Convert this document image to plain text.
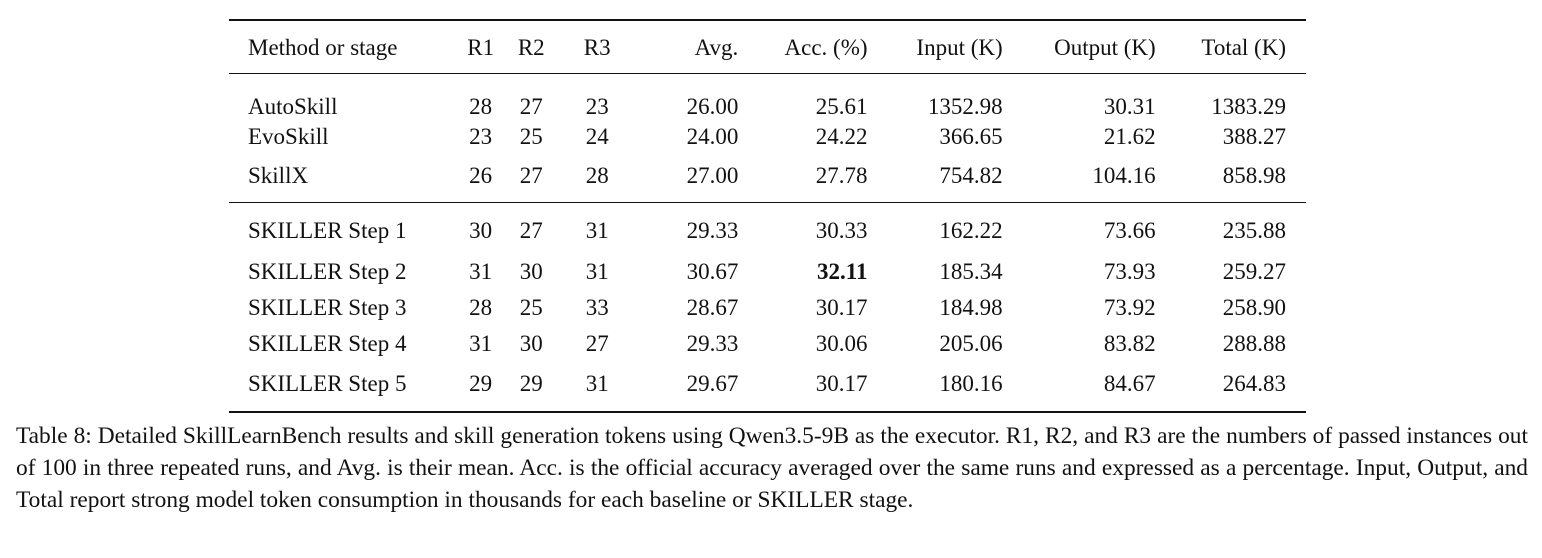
Method or stage	R1	R2	R3	Avg.	Acc. (%)	Input (K)	Output (K)	Total (K)
AutoSkill	28	27	23	26.00	25.61	1352.98	30.31	1383.29
EvoSkill	23	25	24	24.00	24.22	366.65	21.62	388.27
SkillX	26	27	28	27.00	27.78	754.82	104.16	858.98
SKILLER Step 1	30	27	31	29.33	30.33	162.22	73.66	235.88
SKILLER Step 2	31	30	31	30.67	32.11	185.34	73.93	259.27
SKILLER Step 3	28	25	33	28.67	30.17	184.98	73.92	258.90
SKILLER Step 4	31	30	27	29.33	30.06	205.06	83.82	288.88
SKILLER Step 5	29	29	31	29.67	30.17	180.16	84.67	264.83

Table 8: Detailed SkillLearnBench results and skill generation tokens using Qwen3.5-9B as the executor. R1, R2, and R3 are the numbers of passed instances out of 100 in three repeated runs, and Avg. is their mean. Acc. is the official accuracy averaged over the same runs and expressed as a percentage. Input, Output, and Total report strong model token consumption in thousands for each baseline or SKILLER stage.
